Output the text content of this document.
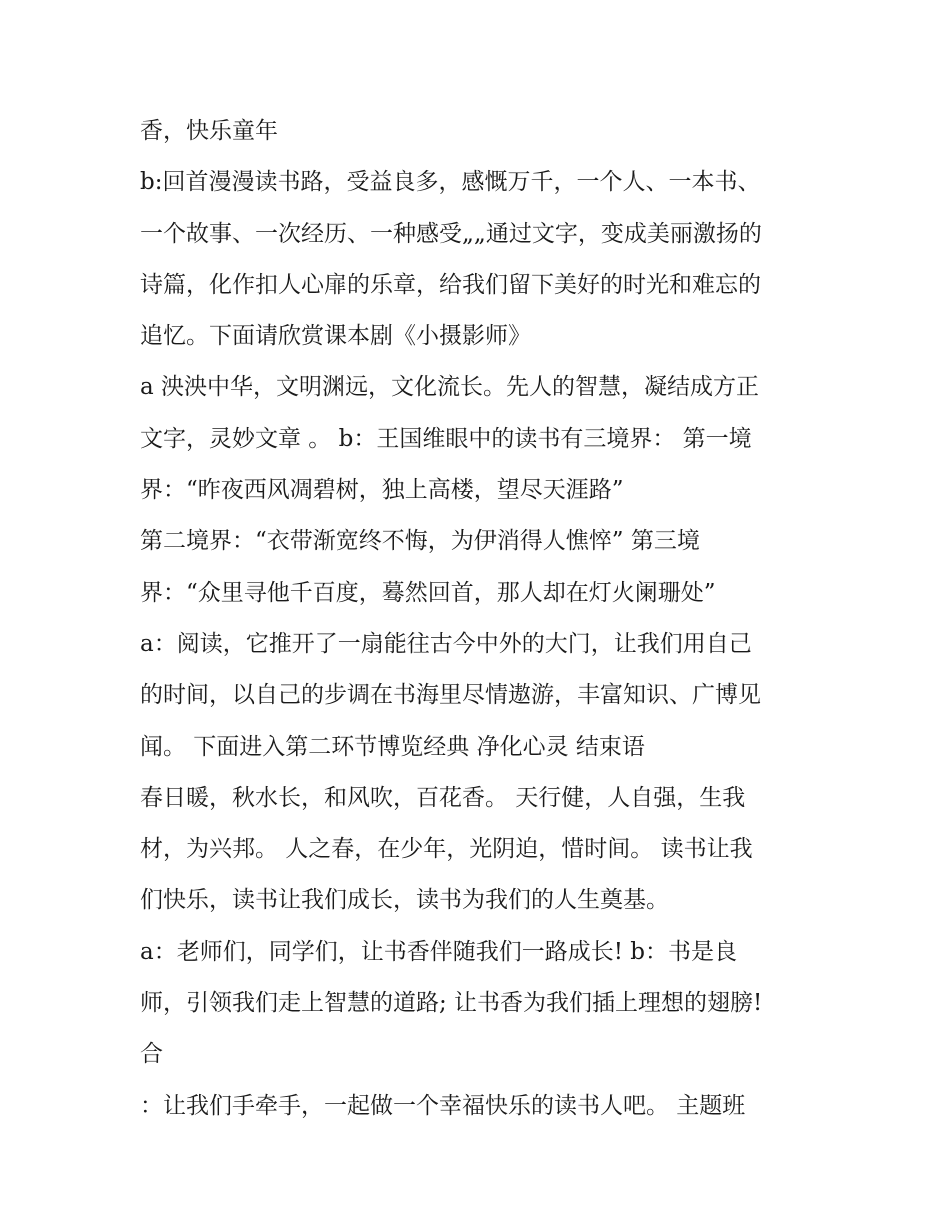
香，快乐童年
b:回首漫漫读书路，受益良多，感慨万千，一个人、一本书、
一个故事、一次经历、一种感受„„通过文字，变成美丽激扬的
诗篇，化作扣人心扉的乐章，给我们留下美好的时光和难忘的
追忆。下面请欣赏课本剧《小摄影师》
a 泱泱中华，文明渊远，文化流长。先人的智慧，凝结成方正
文字，灵妙文章 。 b：王国维眼中的读书有三境界： 第一境
界：“昨夜西风凋碧树，独上高楼，望尽天涯路”
第二境界：“衣带渐宽终不悔，为伊消得人憔悴” 第三境
界：“众里寻他千百度，蓦然回首，那人却在灯火阑珊处”
a：阅读，它推开了一扇能往古今中外的大门，让我们用自己
的时间，以自己的步调在书海里尽情遨游，丰富知识、广博见
闻。 下面进入第二环节博览经典 净化心灵 结束语
春日暖，秋水长，和风吹，百花香。 天行健，人自强，生我
材，为兴邦。 人之春，在少年，光阴迫，惜时间。 读书让我
们快乐，读书让我们成长，读书为我们的人生奠基。
a：老师们，同学们，让书香伴随我们一路成长! b：书是良
师，引领我们走上智慧的道路; 让书香为我们插上理想的翅膀!
合
：让我们手牵手，一起做一个幸福快乐的读书人吧。 主题班
